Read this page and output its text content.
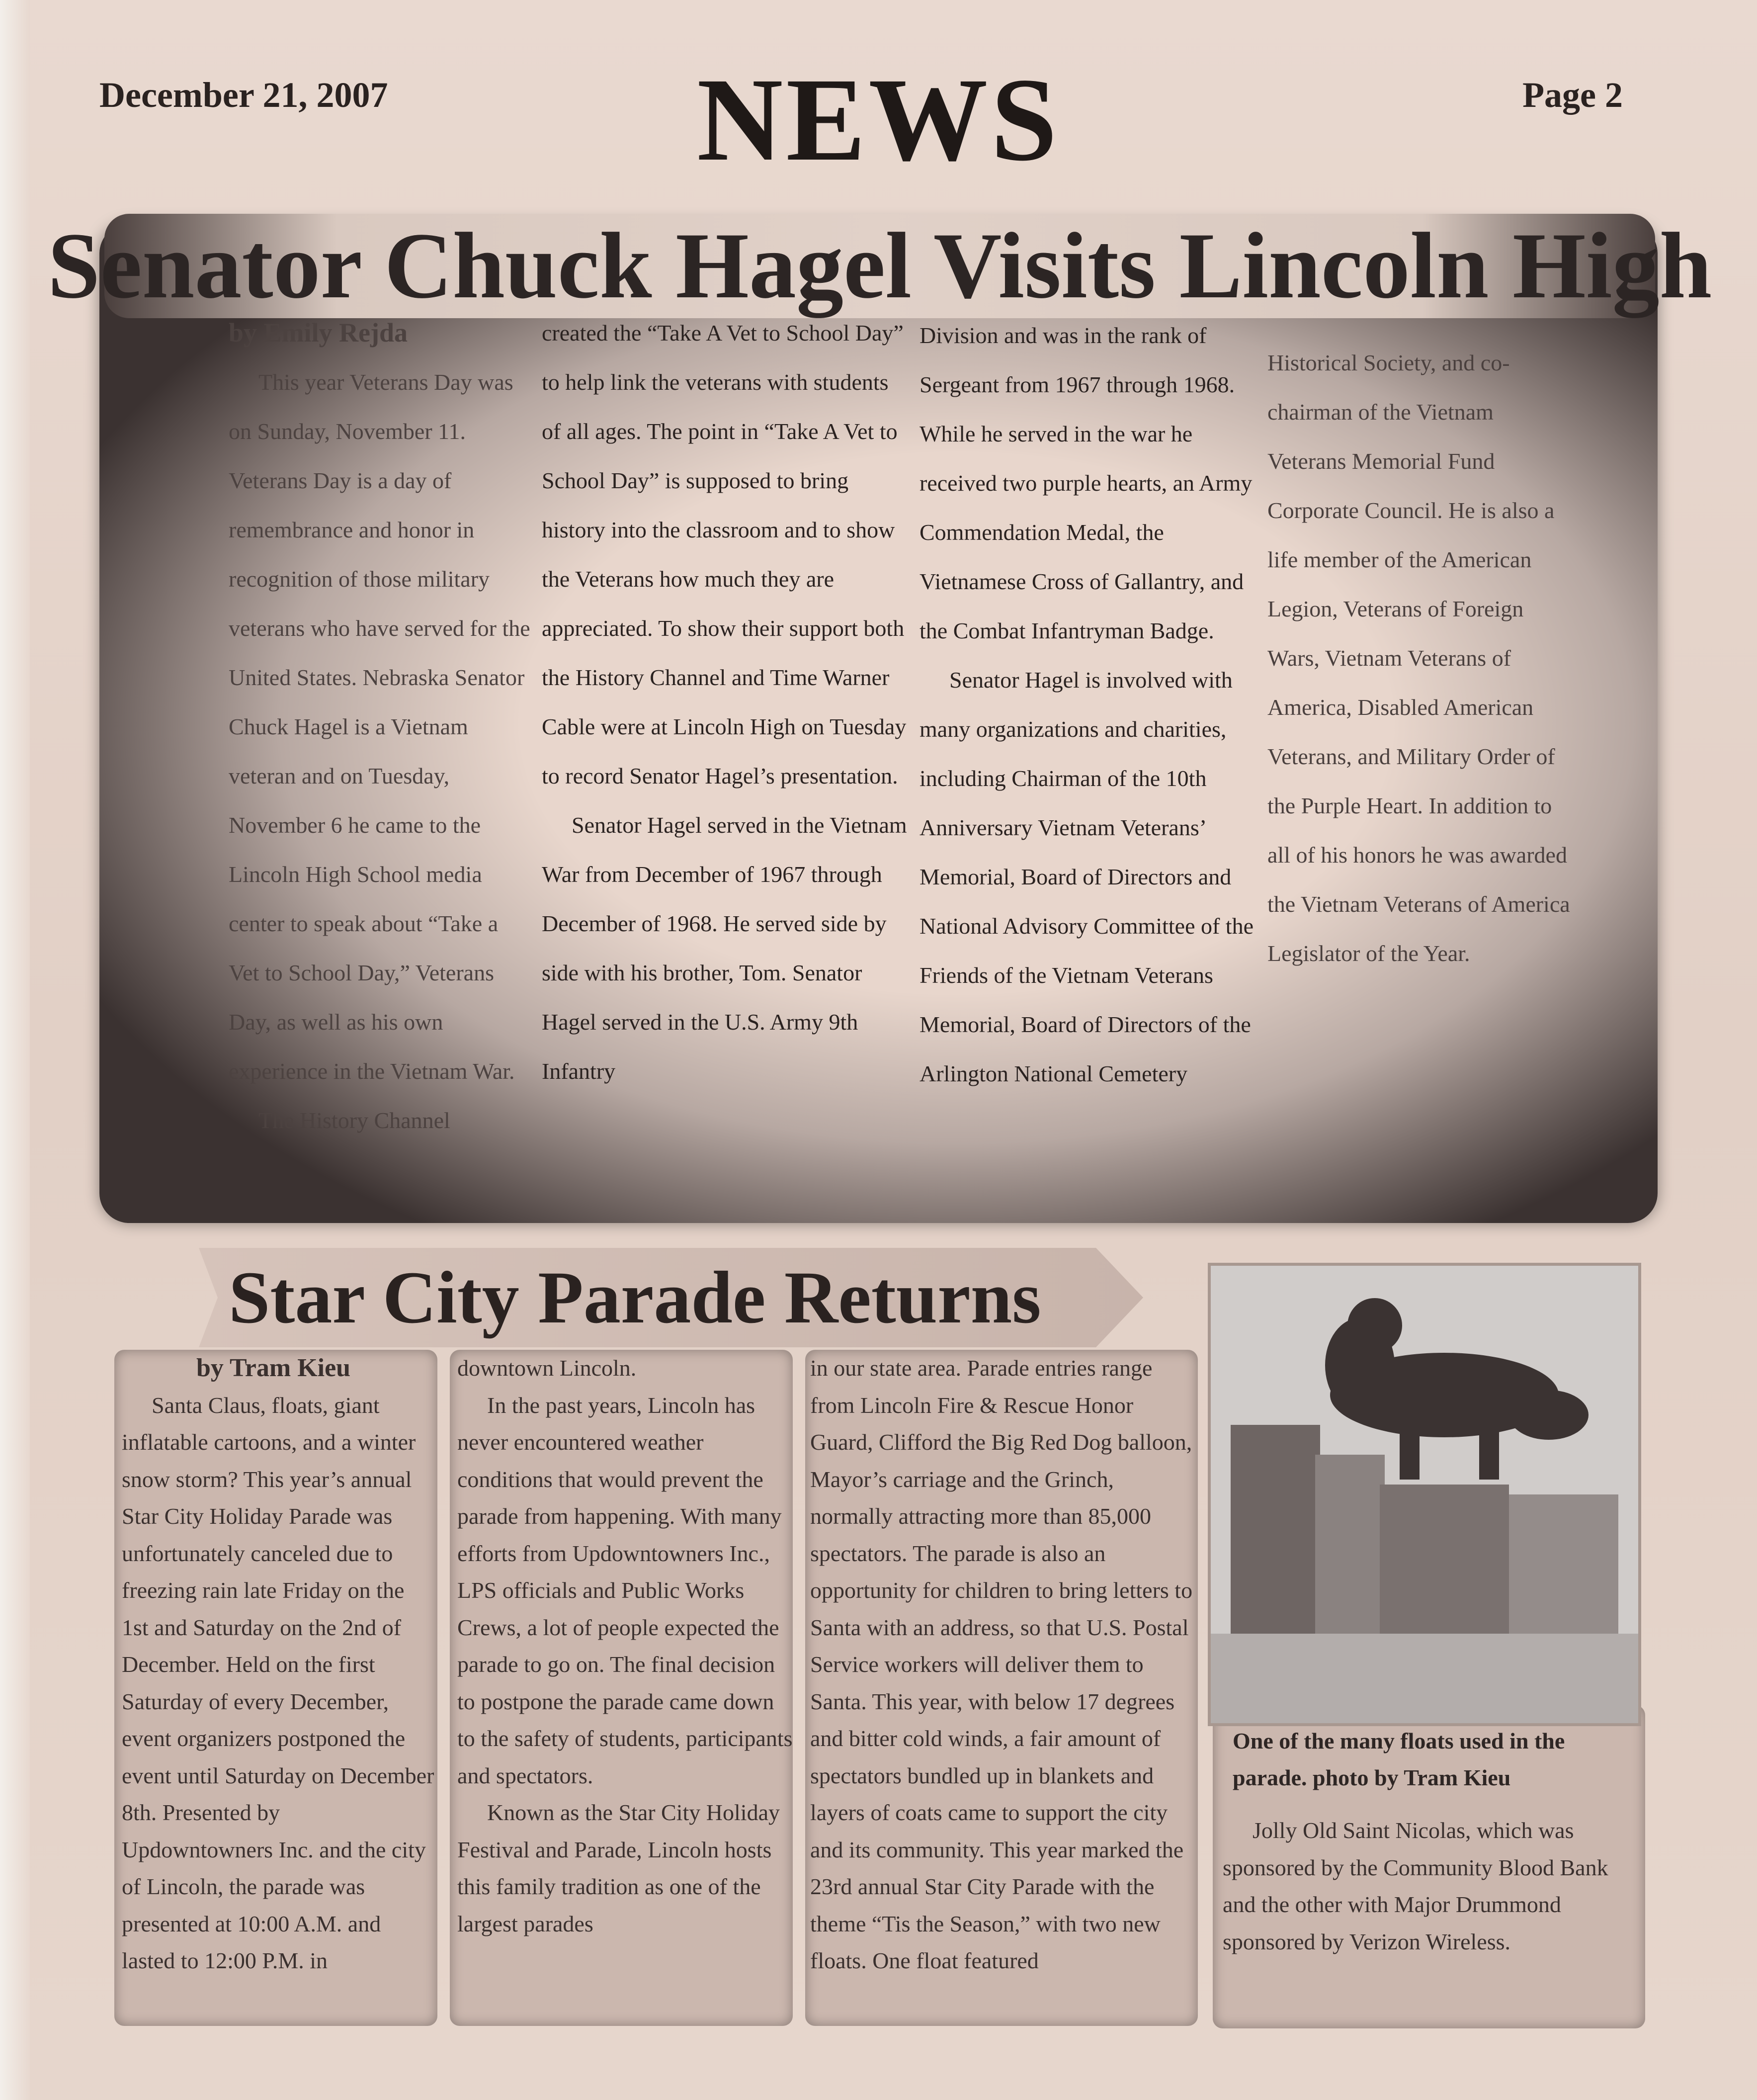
December 21, 2007	NEWS	Page 2
Senator Chuck Hagel Visits Lincoln High

by Emily Rejda

This year Veterans Day was on Sunday, November 11. Veterans Day is a day of remembrance and honor in recognition of those military veterans who have served for the United States. Nebraska Senator Chuck Hagel is a Vietnam veteran and on Tuesday, November 6 he came to the Lincoln High School media center to speak about “Take a Vet to School Day,” Veterans Day, as well as his own experience in the Vietnam War.

The History Channel

created the “Take A Vet to School Day” to help link the veterans with students of all ages. The point in “Take A Vet to School Day” is supposed to bring history into the classroom and to show the Veterans how much they are appreciated. To show their support both the History Channel and Time Warner Cable were at Lincoln High on Tuesday to record Senator Hagel’s presentation.

Senator Hagel served in the Vietnam War from December of 1967 through December of 1968. He served side by side with his brother, Tom. Senator Hagel served in the U.S. Army 9th Infantry

Division and was in the rank of Sergeant from 1967 through 1968. While he served in the war he received two purple hearts, an Army Commendation Medal, the Vietnamese Cross of Gallantry, and the Combat Infantryman Badge.

Senator Hagel is involved with many organizations and charities, including Chairman of the 10th Anniversary Vietnam Veterans’ Memorial, Board of Directors and National Advisory Committee of the Friends of the Vietnam Veterans Memorial, Board of Directors of the Arlington National Cemetery

Historical Society, and co-chairman of the Vietnam Veterans Memorial Fund Corporate Council. He is also a life member of the American Legion, Veterans of Foreign Wars, Vietnam Veterans of America, Disabled American Veterans, and Military Order of the Purple Heart. In addition to all of his honors he was awarded the Vietnam Veterans of America Legislator of the Year.

Star City Parade Returns

by Tram Kieu

Santa Claus, floats, giant inflatable cartoons, and a winter snow storm? This year’s annual Star City Holiday Parade was unfortunately canceled due to freezing rain late Friday on the 1st and Saturday on the 2nd of December. Held on the first Saturday of every December, event organizers postponed the event until Saturday on December 8th. Presented by Updowntowners Inc. and the city of Lincoln, the parade was presented at 10:00 A.M. and lasted to 12:00 P.M. in

downtown Lincoln.

In the past years, Lincoln has never encountered weather conditions that would prevent the parade from happening. With many efforts from Updowntowners Inc., LPS officials and Public Works Crews, a lot of people expected the parade to go on. The final decision to postpone the parade came down to the safety of students, participants and spectators.

Known as the Star City Holiday Festival and Parade, Lincoln hosts this family tradition as one of the largest parades

in our state area. Parade entries range from Lincoln Fire & Rescue Honor Guard, Clifford the Big Red Dog balloon, Mayor’s carriage and the Grinch, normally attracting more than 85,000 spectators. The parade is also an opportunity for children to bring letters to Santa with an address, so that U.S. Postal Service workers will deliver them to Santa. This year, with below 17 degrees and bitter cold winds, a fair amount of spectators bundled up in blankets and layers of coats came to support the city and its community. This year marked the 23rd annual Star City Parade with the theme “Tis the Season,” with two new floats. One float featured

One of the many floats used in the parade. photo by Tram Kieu

Jolly Old Saint Nicolas, which was sponsored by the Community Blood Bank and the other with Major Drummond sponsored by Verizon Wireless.
